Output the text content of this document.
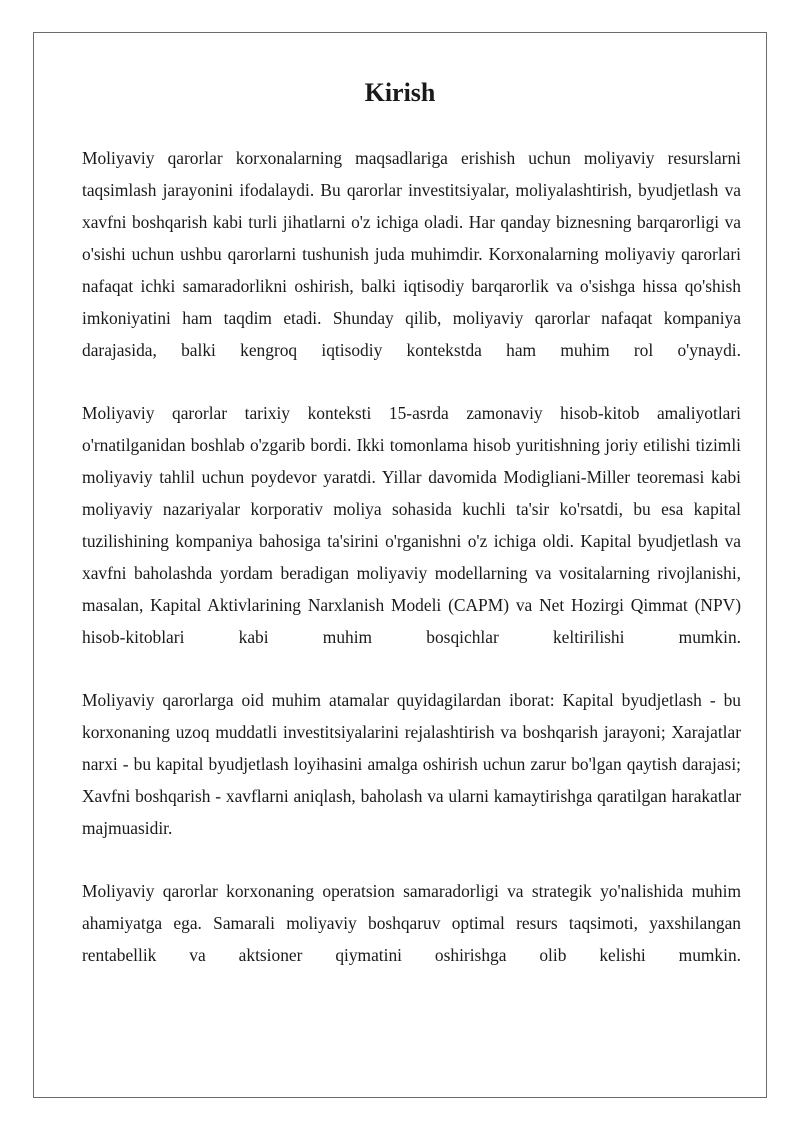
Kirish

Moliyaviy qarorlar korxonalarning maqsadlariga erishish uchun moliyaviy resurslarni taqsimlash jarayonini ifodalaydi. Bu qarorlar investitsiyalar, moliyalashtirish, byudjetlash va xavfni boshqarish kabi turli jihatlarni o'z ichiga oladi. Har qanday biznesning barqarorligi va o'sishi uchun ushbu qarorlarni tushunish juda muhimdir. Korxonalarning moliyaviy qarorlari nafaqat ichki samaradorlikni oshirish, balki iqtisodiy barqarorlik va o'sishga hissa qo'shish imkoniyatini ham taqdim etadi. Shunday qilib, moliyaviy qarorlar nafaqat kompaniya darajasida, balki kengroq iqtisodiy kontekstda ham muhim rol o'ynaydi.

Moliyaviy qarorlar tarixiy konteksti 15-asrda zamonaviy hisob-kitob amaliyotlari o'rnatilganidan boshlab o'zgarib bordi. Ikki tomonlama hisob yuritishning joriy etilishi tizimli moliyaviy tahlil uchun poydevor yaratdi. Yillar davomida Modigliani-Miller teoremasi kabi moliyaviy nazariyalar korporativ moliya sohasida kuchli ta'sir ko'rsatdi, bu esa kapital tuzilishining kompaniya bahosiga ta'sirini o'rganishni o'z ichiga oldi. Kapital byudjetlash va xavfni baholashda yordam beradigan moliyaviy modellarning va vositalarning rivojlanishi, masalan, Kapital Aktivlarining Narxlanish Modeli (CAPM) va Net Hozirgi Qimmat (NPV) hisob-kitoblari kabi muhim bosqichlar keltirilishi mumkin.

Moliyaviy qarorlarga oid muhim atamalar quyidagilardan iborat: Kapital byudjetlash - bu korxonaning uzoq muddatli investitsiyalarini rejalashtirish va boshqarish jarayoni; Xarajatlar narxi - bu kapital byudjetlash loyihasini amalga oshirish uchun zarur bo'lgan qaytish darajasi; Xavfni boshqarish - xavflarni aniqlash, baholash va ularni kamaytirishga qaratilgan harakatlar majmuasidir.

Moliyaviy qarorlar korxonaning operatsion samaradorligi va strategik yo'nalishida muhim ahamiyatga ega. Samarali moliyaviy boshqaruv optimal resurs taqsimoti, yaxshilangan rentabellik va aktsioner qiymatini oshirishga olib kelishi mumkin.
